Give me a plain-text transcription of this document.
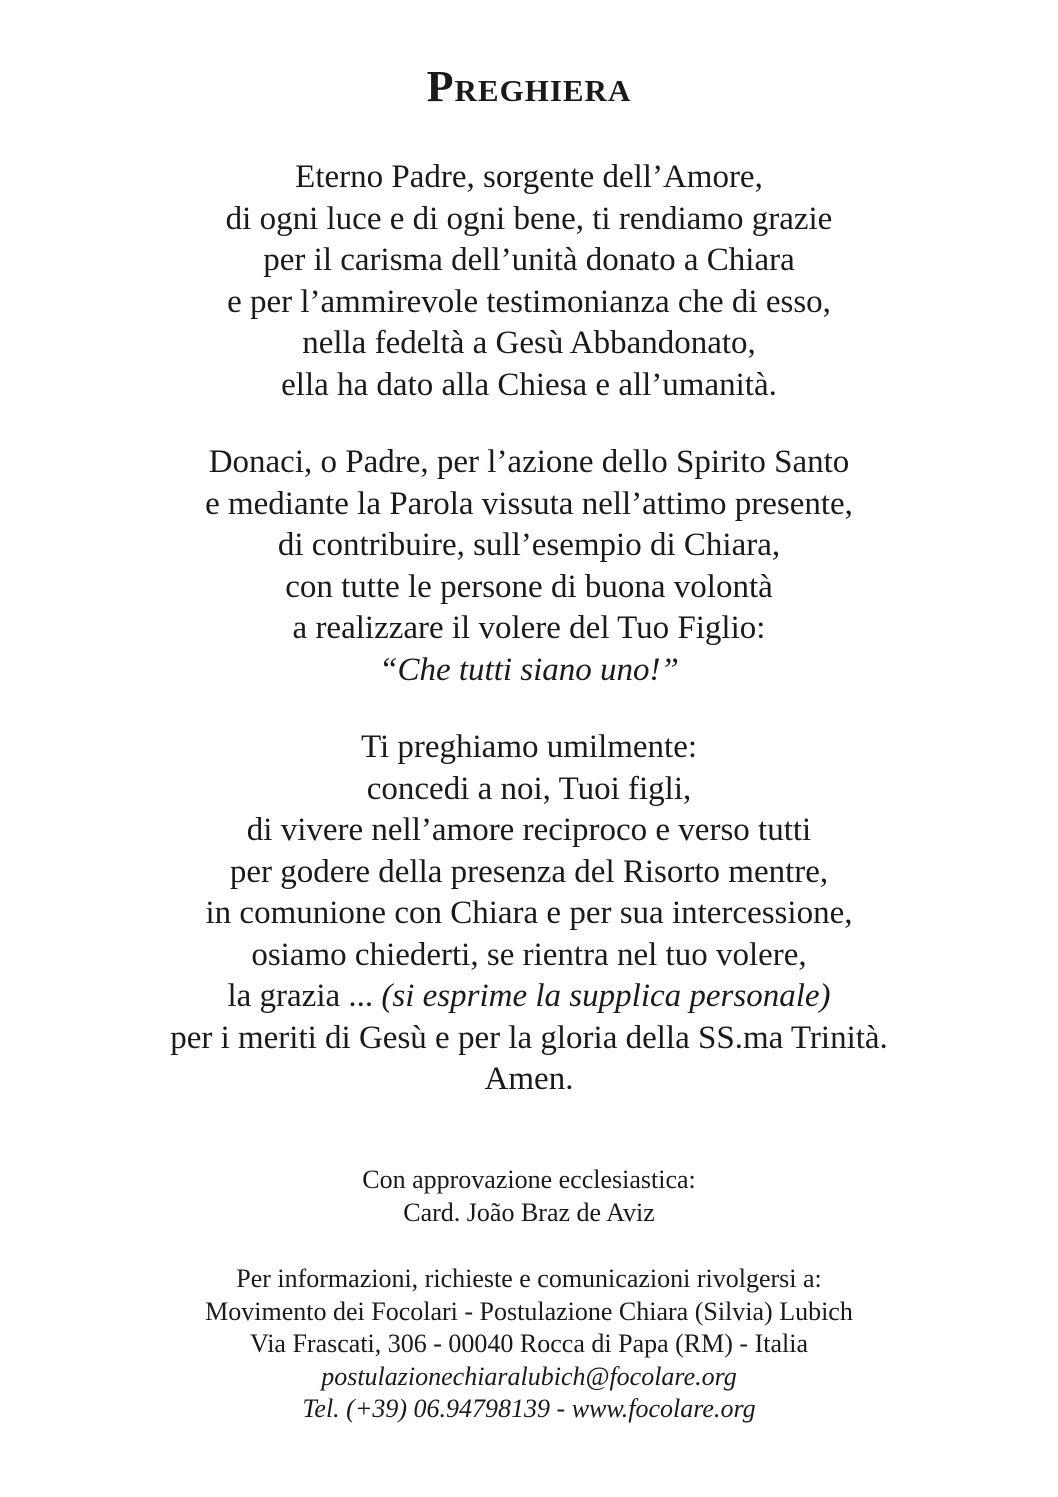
Preghiera
Eterno Padre, sorgente dell’Amore,
di ogni luce e di ogni bene, ti rendiamo grazie
per il carisma dell’unità donato a Chiara
e per l’ammirevole testimonianza che di esso,
nella fedeltà a Gesù Abbandonato,
ella ha dato alla Chiesa e all’umanità.
Donaci, o Padre, per l’azione dello Spirito Santo
e mediante la Parola vissuta nell’attimo presente,
di contribuire, sull’esempio di Chiara,
con tutte le persone di buona volontà
a realizzare il volere del Tuo Figlio:
“Che tutti siano uno!”
Ti preghiamo umilmente:
concedi a noi, Tuoi figli,
di vivere nell’amore reciproco e verso tutti
per godere della presenza del Risorto mentre,
in comunione con Chiara e per sua intercessione,
osiamo chiederti, se rientra nel tuo volere,
la grazia ... (si esprime la supplica personale)
per i meriti di Gesù e per la gloria della SS.ma Trinità.
Amen.
Con approvazione ecclesiastica:
Card. João Braz de Aviz
Per informazioni, richieste e comunicazioni rivolgersi a:
Movimento dei Focolari - Postulazione Chiara (Silvia) Lubich
Via Frascati, 306 - 00040 Rocca di Papa (RM) - Italia
postulazionechiaralubich@focolare.org
Tel. (+39) 06.94798139 - www.focolare.org
